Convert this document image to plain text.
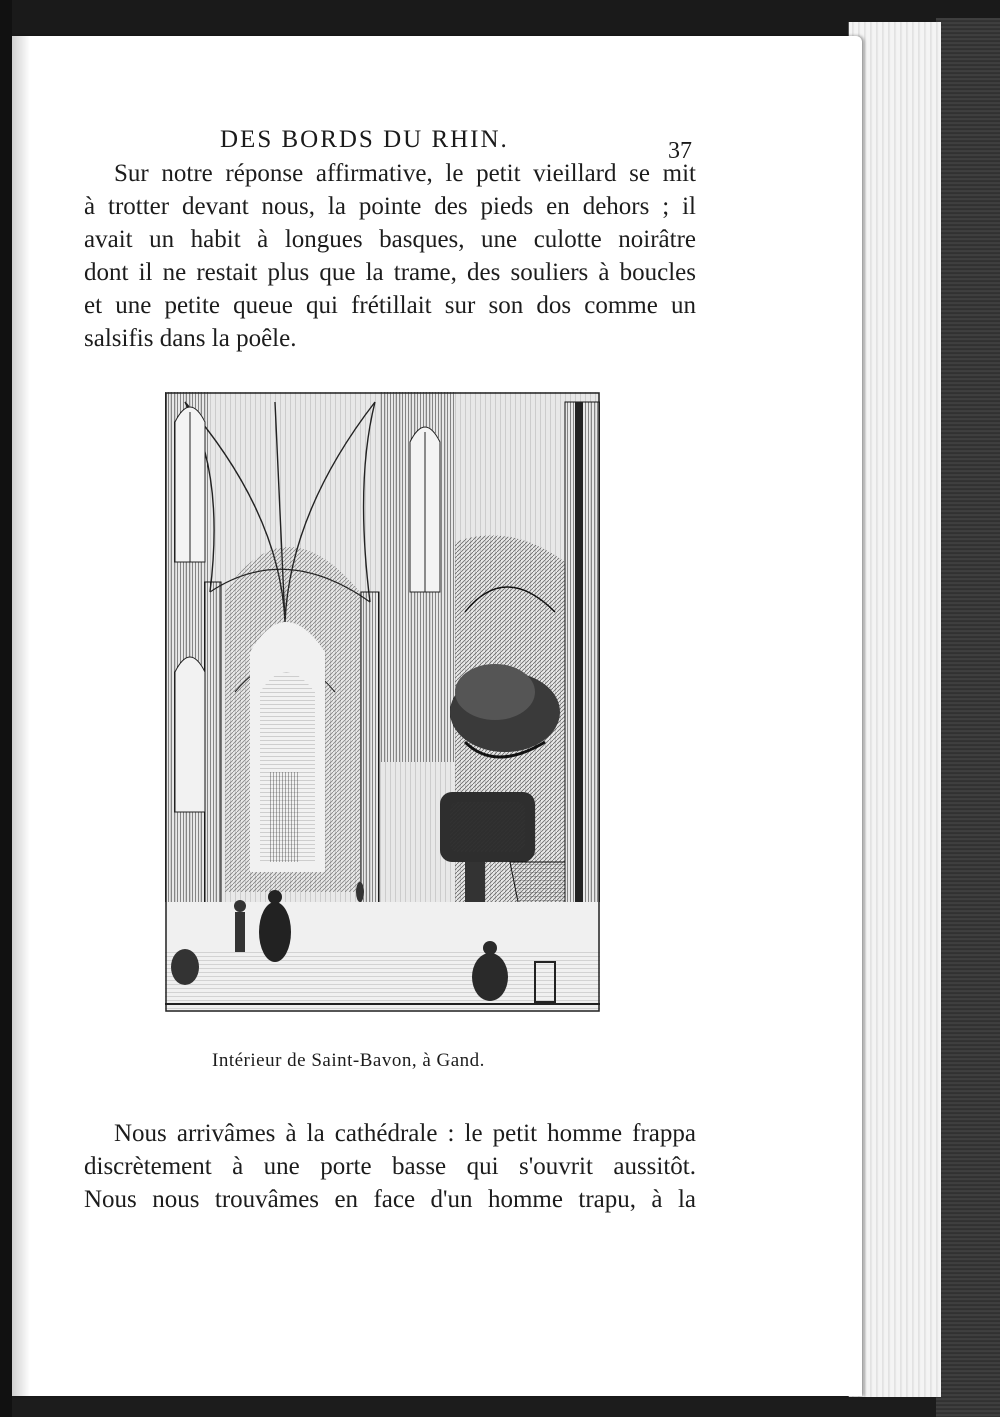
DES BORDS DU RHIN.	37
Sur notre réponse affirmative, le petit vieillard se mit
à trotter devant nous, la pointe des pieds en dehors ; il
avait un habit à longues basques, une culotte noirâtre
dont il ne restait plus que la trame, des souliers à boucles
et une petite queue qui frétillait sur son dos comme un
salsifis dans la poêle.
Intérieur de Saint-Bavon, à Gand.
Nous arrivâmes à la cathédrale : le petit homme frappa
discrètement à une porte basse qui s'ouvrit aussitôt.
Nous nous trouvâmes en face d'un homme trapu, à la
